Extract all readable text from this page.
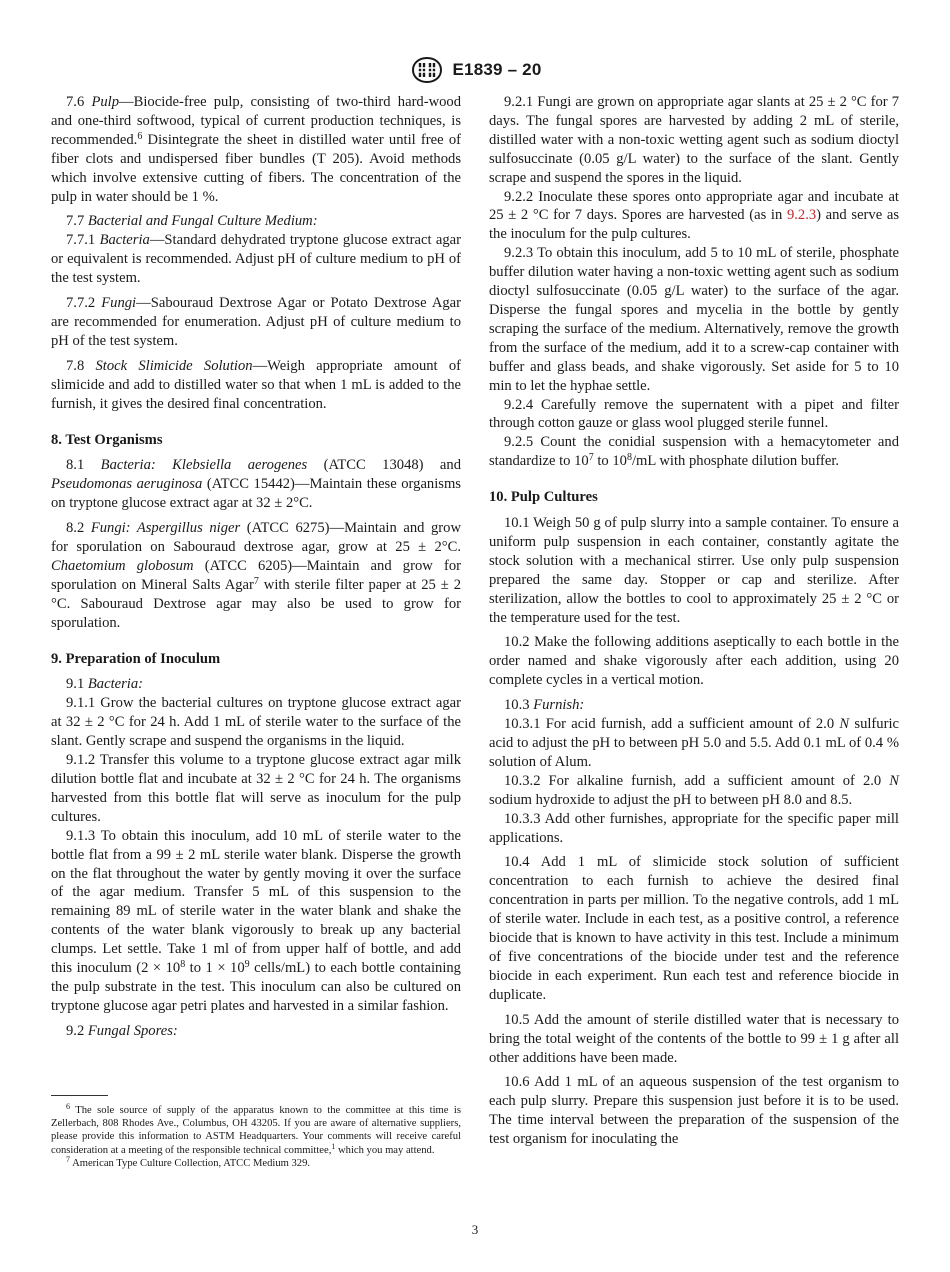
E1839 – 20

7.6 Pulp—Biocide-free pulp, consisting of two-third hard-wood and one-third softwood, typical of current production techniques, is recommended.$^6$ Disintegrate the sheet in distilled water until free of fiber clots and undispersed fiber bundles (T 205). Avoid methods which involve extensive cutting of fibers. The concentration of the pulp in water should be 1 %.

7.7 Bacterial and Fungal Culture Medium:

7.7.1 Bacteria—Standard dehydrated tryptone glucose extract agar or equivalent is recommended. Adjust pH of culture medium to pH of the test system.

7.7.2 Fungi—Sabouraud Dextrose Agar or Potato Dextrose Agar are recommended for enumeration. Adjust pH of culture medium to pH of the test system.

7.8 Stock Slimicide Solution—Weigh appropriate amount of slimicide and add to distilled water so that when 1 mL is added to the furnish, it gives the desired final concentration.

8. Test Organisms

8.1 Bacteria: Klebsiella aerogenes (ATCC 13048) and Pseudomonas aeruginosa (ATCC 15442)—Maintain these organisms on tryptone glucose extract agar at 32 ± 2°C.

8.2 Fungi: Aspergillus niger (ATCC 6275)—Maintain and grow for sporulation on Sabouraud dextrose agar, grow at 25 ± 2°C. Chaetomium globosum (ATCC 6205)—Maintain and grow for sporulation on Mineral Salts Agar$^7$ with sterile filter paper at 25 ± 2 °C. Sabouraud Dextrose agar may also be used to grow for sporulation.

9. Preparation of Inoculum

9.1 Bacteria:

9.1.1 Grow the bacterial cultures on tryptone glucose extract agar at 32 ± 2 °C for 24 h. Add 1 mL of sterile water to the surface of the slant. Gently scrape and suspend the organisms in the liquid.

9.1.2 Transfer this volume to a tryptone glucose extract agar milk dilution bottle flat and incubate at 32 ± 2 °C for 24 h. The organisms harvested from this bottle flat will serve as inoculum for the pulp cultures.

9.1.3 To obtain this inoculum, add 10 mL of sterile water to the bottle flat from a 99 ± 2 mL sterile water blank. Disperse the growth on the flat throughout the water by gently moving it over the surface of the agar medium. Transfer 5 mL of this suspension to the remaining 89 mL of sterile water in the water blank and shake the contents of the water blank vigorously to break up any bacterial clumps. Let settle. Take 1 ml of from upper half of bottle, and add this inoculum ($2 \times 10^8$ to $1 \times 10^9$ cells/mL) to each bottle containing the pulp substrate in the test. This inoculum can also be cultured on tryptone glucose agar petri plates and harvested in a similar fashion.

9.2 Fungal Spores:

9.2.1 Fungi are grown on appropriate agar slants at 25 ± 2 °C for 7 days. The fungal spores are harvested by adding 2 mL of sterile, distilled water with a non-toxic wetting agent such as sodium dioctyl sulfosuccinate (0.05 g/L water) to the surface of the slant. Gently scrape and suspend the spores in the liquid.

9.2.2 Inoculate these spores onto appropriate agar and incubate at 25 ± 2 °C for 7 days. Spores are harvested (as in 9.2.3) and serve as the inoculum for the pulp cultures.

9.2.3 To obtain this inoculum, add 5 to 10 mL of sterile, phosphate buffer dilution water having a non-toxic wetting agent such as sodium dioctyl sulfosuccinate (0.05 g/L water) to the surface of the agar. Disperse the fungal spores and mycelia in the bottle by gently scraping the surface of the medium. Alternatively, remove the growth from the surface of the medium, add it to a screw-cap container with buffer and glass beads, and shake vigorously. Set aside for 5 to 10 min to let the hyphae settle.

9.2.4 Carefully remove the supernatent with a pipet and filter through cotton gauze or glass wool plugged sterile funnel.

9.2.5 Count the conidial suspension with a hemacytometer and standardize to $10^7$ to $10^8/mL$ with phosphate dilution buffer.

10. Pulp Cultures

10.1 Weigh 50 g of pulp slurry into a sample container. To ensure a uniform pulp suspension in each container, constantly agitate the stock solution with a mechanical stirrer. Use only pulp suspension prepared the same day. Stopper or cap and sterilize. After sterilization, allow the bottles to cool to approximately 25 ± 2 °C or the temperature used for the test.

10.2 Make the following additions aseptically to each bottle in the order named and shake vigorously after each addition, using 20 complete cycles in a vertical motion.

10.3 Furnish:

10.3.1 For acid furnish, add a sufficient amount of 2.0 N sulfuric acid to adjust the pH to between pH 5.0 and 5.5. Add 0.1 mL of 0.4 % solution of Alum.

10.3.2 For alkaline furnish, add a sufficient amount of 2.0 N sodium hydroxide to adjust the pH to between pH 8.0 and 8.5.

10.3.3 Add other furnishes, appropriate for the specific paper mill applications.

10.4 Add 1 mL of slimicide stock solution of sufficient concentration to each furnish to achieve the desired final concentration in parts per million. To the negative controls, add 1 mL of sterile water. Include in each test, as a positive control, a reference biocide that is known to have activity in this test. Include a minimum of five concentrations of the biocide under test and the reference biocide in each experiment. Run each test and reference biocide in duplicate.

10.5 Add the amount of sterile distilled water that is necessary to bring the total weight of the contents of the bottle to 99 ± 1 g after all other additions have been made.

10.6 Add 1 mL of an aqueous suspension of the test organism to each pulp slurry. Prepare this suspension just before it is to be used. The time interval between the preparation of the suspension of the test organism for inoculating the

$^6$ The sole source of supply of the apparatus known to the committee at this time is Zellerbach, 808 Rhodes Ave., Columbus, OH 43205. If you are aware of alternative suppliers, please provide this information to ASTM Headquarters. Your comments will receive careful consideration at a meeting of the responsible technical committee,$^1$ which you may attend.

$^7$ American Type Culture Collection, ATCC Medium 329.

3
